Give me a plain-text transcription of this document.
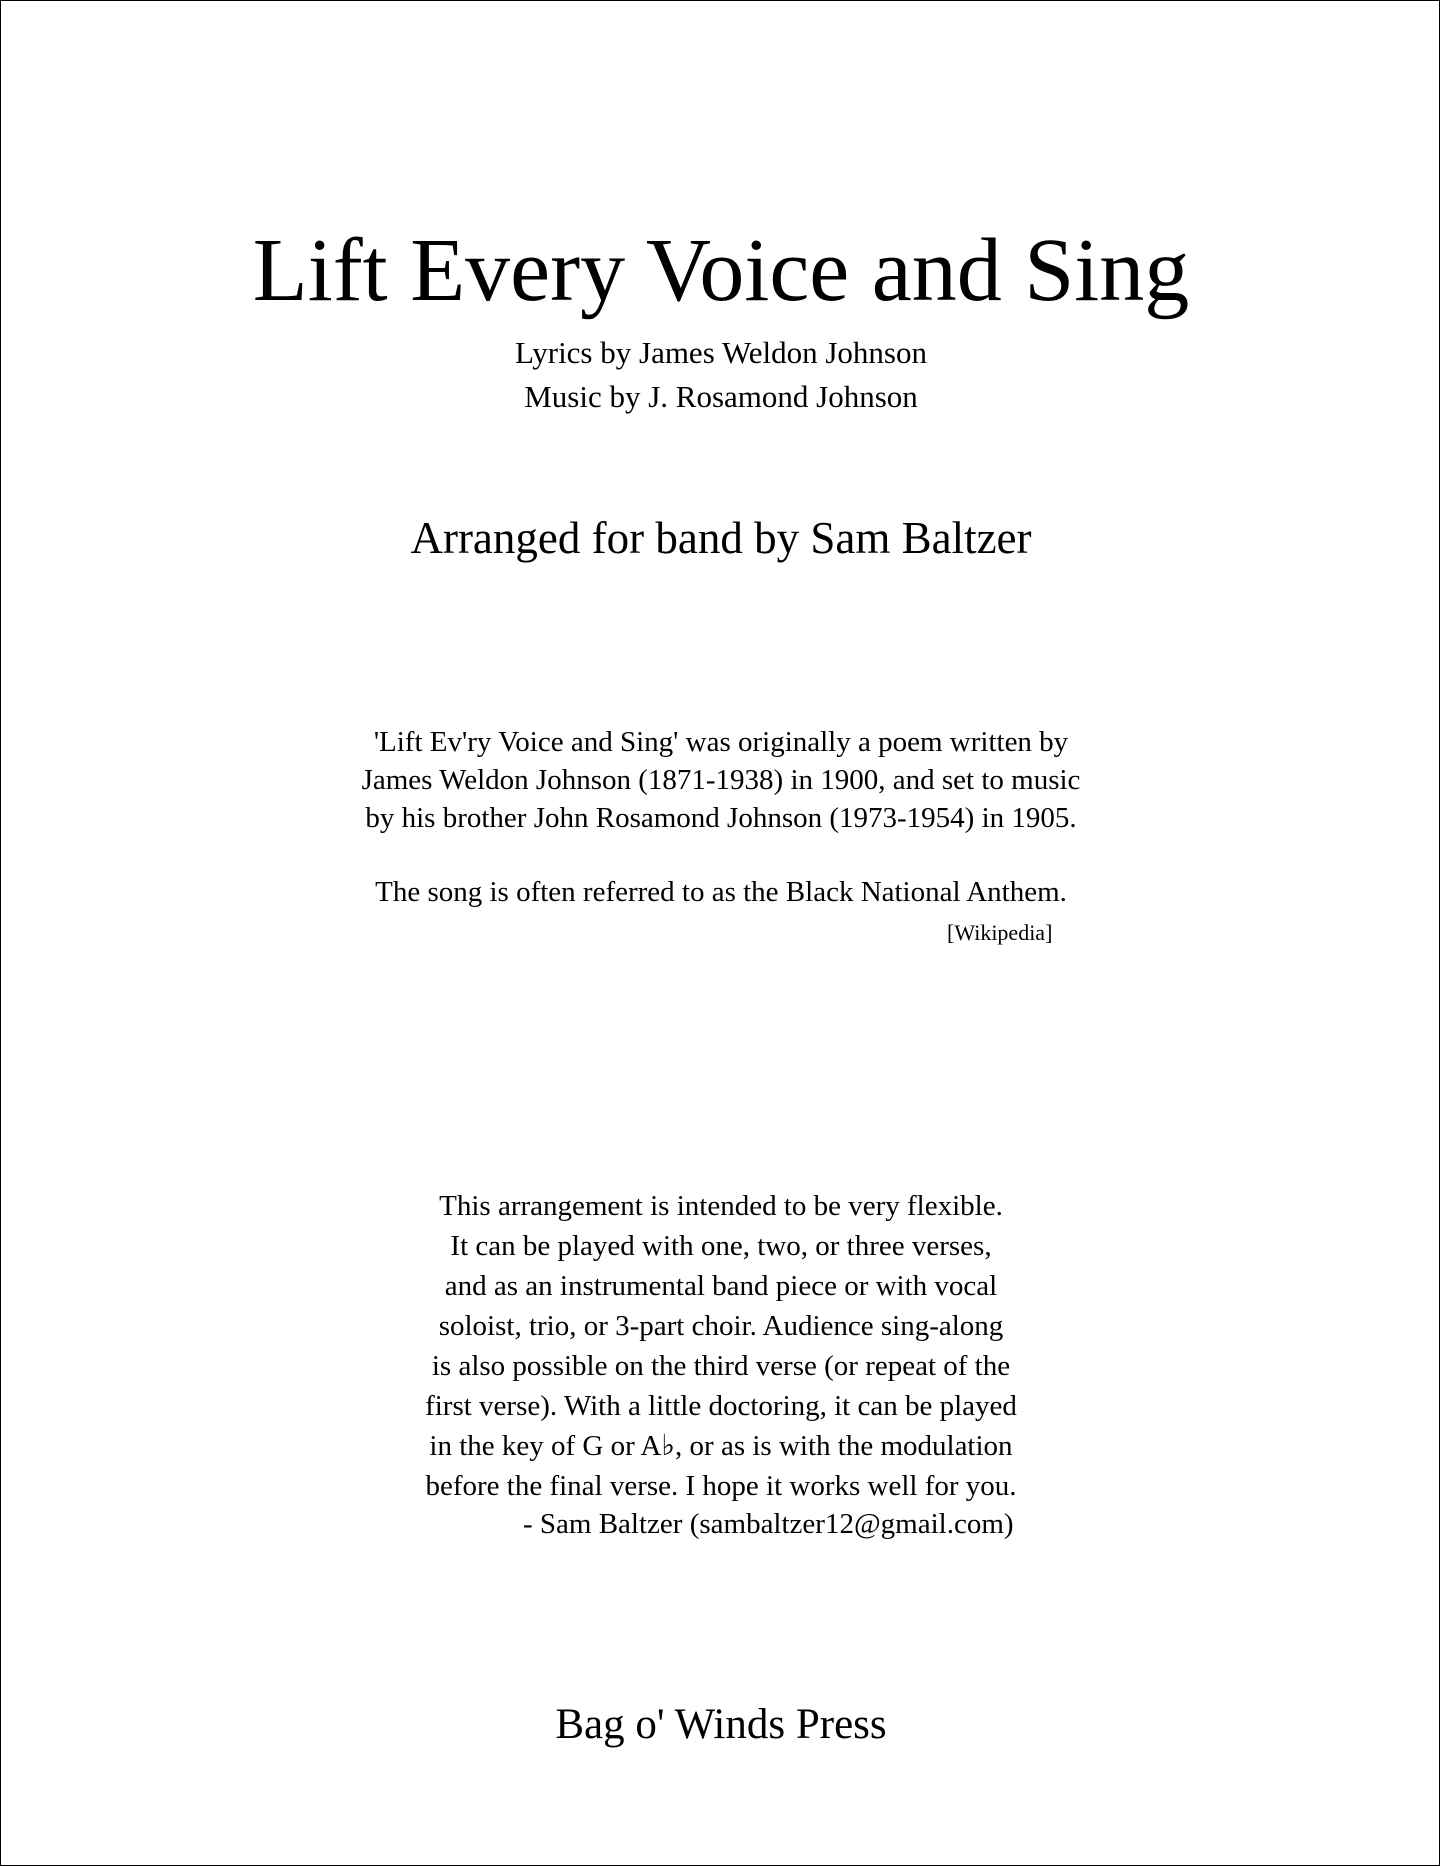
Lift Every Voice and Sing
Lyrics by James Weldon Johnson
Music by J. Rosamond Johnson
Arranged for band by Sam Baltzer
'Lift Ev'ry Voice and Sing' was originally a poem written by
James Weldon Johnson (1871-1938) in 1900, and set to music
by his brother John Rosamond Johnson (1973-1954) in 1905.
The song is often referred to as the Black National Anthem.
[Wikipedia]
This arrangement is intended to be very flexible.
It can be played with one, two, or three verses,
and as an instrumental band piece or with vocal
soloist, trio, or 3-part choir. Audience sing-along
is also possible on the third verse (or repeat of the
first verse). With a little doctoring, it can be played
in the key of G or A♭, or as is with the modulation
before the final verse. I hope it works well for you.
- Sam Baltzer (sambaltzer12@gmail.com)
Bag o' Winds Press
